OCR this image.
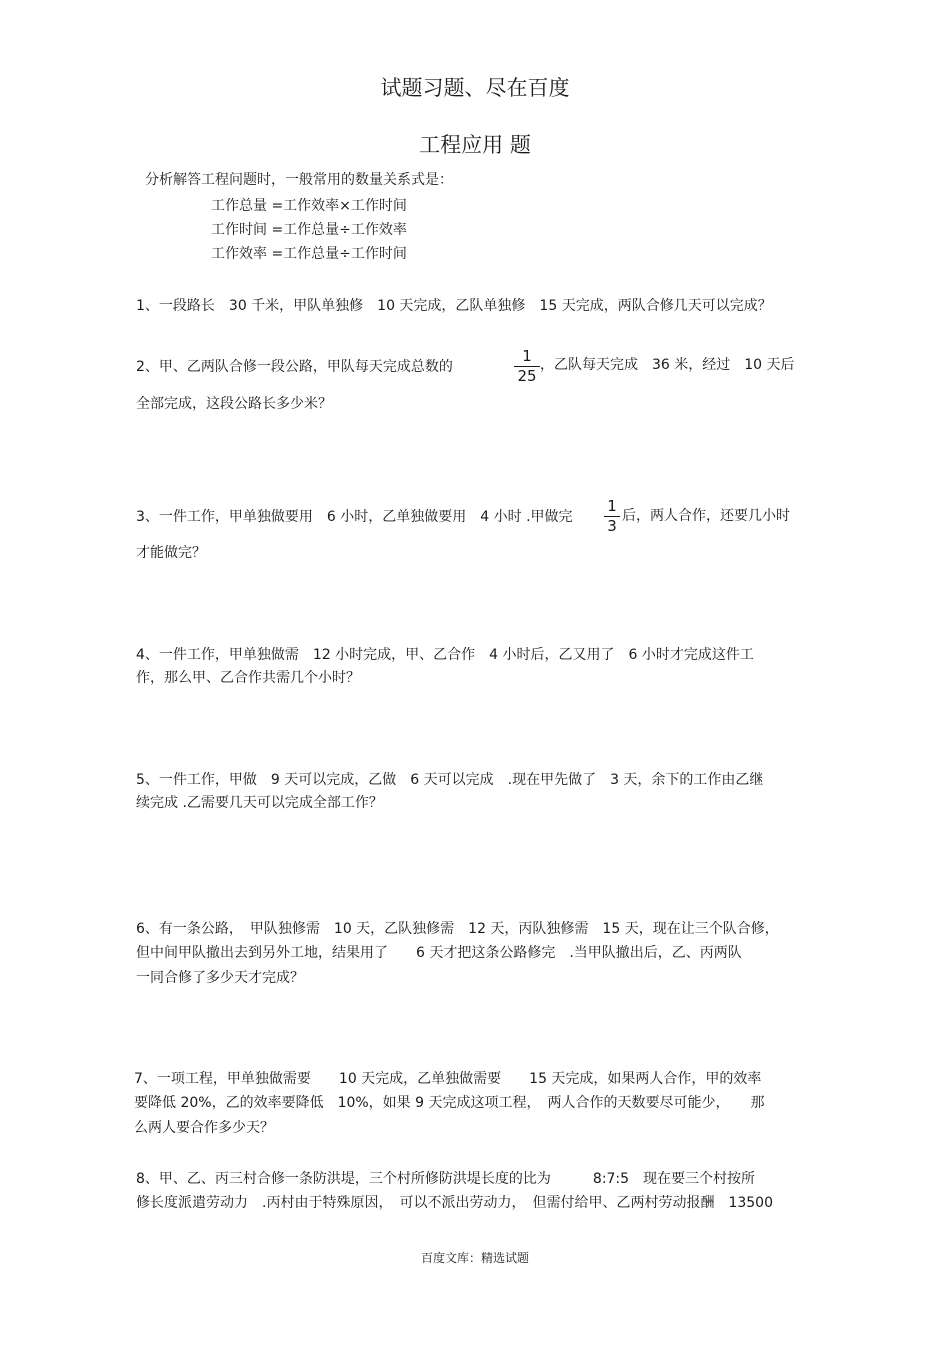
试题习题、尽在百度
工程应用 题
分析解答工程问题时，一般常用的数量关系式是：
工作总量 =工作效率×工作时间
工作时间 =工作总量÷工作效率
工作效率 =工作总量÷工作时间
1、一段路长　30 千米，甲队单独修　10 天完成，乙队单独修　15 天完成，两队合修几天可以完成？
2、甲、乙两队合修一段公路，甲队每天完成总数的
1
25
，乙队每天完成　36 米，经过　10 天后
全部完成，这段公路长多少米？
3、一件工作，甲单独做要用　6 小时，乙单独做要用　4 小时 .甲做完
1
3
后，两人合作，还要几小时
才能做完？
4、一件工作，甲单独做需　12 小时完成，甲、乙合作　4 小时后，乙又用了　6 小时才完成这件工
作，那么甲、乙合作共需几个小时？
5、一件工作，甲做　9 天可以完成，乙做　6 天可以完成　.现在甲先做了　3 天，余下的工作由乙继
续完成 .乙需要几天可以完成全部工作？
6、有一条公路，　甲队独修需　10 天，乙队独修需　12 天，丙队独修需　15 天，现在让三个队合修，
但中间甲队撤出去到另外工地，结果用了　　6 天才把这条公路修完　.当甲队撤出后，乙、丙两队
一同合修了多少天才完成？
7、一项工程，甲单独做需要　　10 天完成，乙单独做需要　　15 天完成，如果两人合作，甲的效率
要降低 20%，乙的效率要降低　10%，如果 9 天完成这项工程，　两人合作的天数要尽可能少，　　那
么两人要合作多少天？
8、甲、乙、丙三村合修一条防洪堤，三个村所修防洪堤长度的比为　　　8:7:5　现在要三个村按所
修长度派遣劳动力　.丙村由于特殊原因，　可以不派出劳动力，　但需付给甲、乙两村劳动报酬　13500
百度文库：精选试题
